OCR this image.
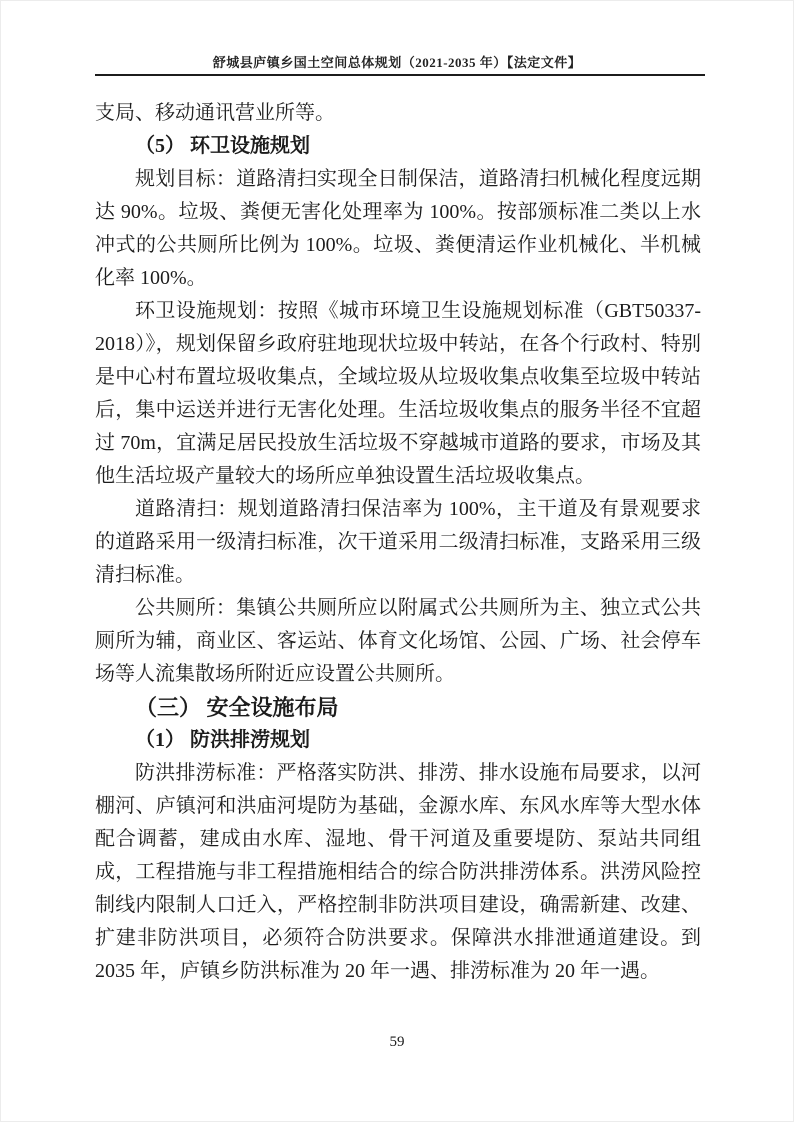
舒城县庐镇乡国土空间总体规划（2021-2035 年）【法定文件】

支局、移动通讯营业所等。

（5） 环卫设施规划

规划目标：道路清扫实现全日制保洁，道路清扫机械化程度远期达 90%。垃圾、粪便无害化处理率为 100%。按部颁标准二类以上水冲式的公共厕所比例为 100%。垃圾、粪便清运作业机械化、半机械化率 100%。

环卫设施规划：按照《城市环境卫生设施规划标准（GBT50337-2018）》，规划保留乡政府驻地现状垃圾中转站，在各个行政村、特别是中心村布置垃圾收集点，全域垃圾从垃圾收集点收集至垃圾中转站后，集中运送并进行无害化处理。生活垃圾收集点的服务半径不宜超过 70m，宜满足居民投放生活垃圾不穿越城市道路的要求，市场及其他生活垃圾产量较大的场所应单独设置生活垃圾收集点。

道路清扫：规划道路清扫保洁率为 100%，主干道及有景观要求的道路采用一级清扫标准，次干道采用二级清扫标准，支路采用三级清扫标准。

公共厕所：集镇公共厕所应以附属式公共厕所为主、独立式公共厕所为辅，商业区、客运站、体育文化场馆、公园、广场、社会停车场等人流集散场所附近应设置公共厕所。

（三） 安全设施布局

（1） 防洪排涝规划

防洪排涝标准：严格落实防洪、排涝、排水设施布局要求，以河棚河、庐镇河和洪庙河堤防为基础，金源水库、东风水库等大型水体配合调蓄，建成由水库、湿地、骨干河道及重要堤防、泵站共同组成，工程措施与非工程措施相结合的综合防洪排涝体系。洪涝风险控制线内限制人口迁入，严格控制非防洪项目建设，确需新建、改建、扩建非防洪项目，必须符合防洪要求。保障洪水排泄通道建设。到 2035 年，庐镇乡防洪标准为 20 年一遇、排涝标准为 20 年一遇。

59
